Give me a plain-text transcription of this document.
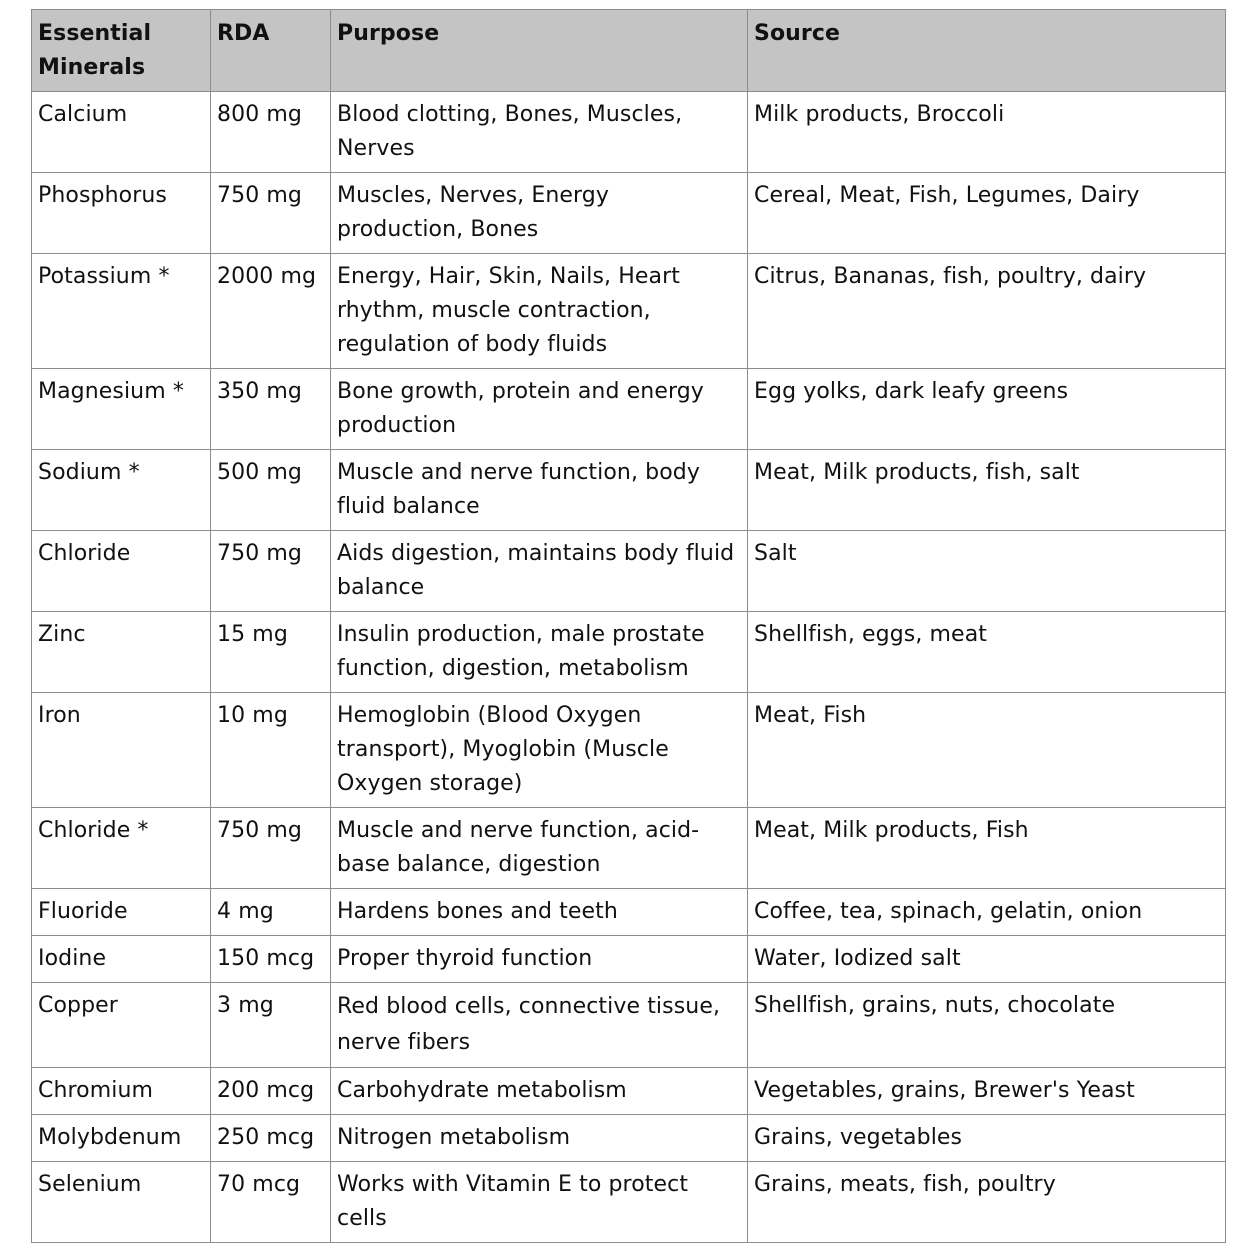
Essential Minerals	RDA	Purpose	Source
Calcium	800 mg	Blood clotting, Bones, Muscles, Nerves	Milk products, Broccoli
Phosphorus	750 mg	Muscles, Nerves, Energy production, Bones	Cereal, Meat, Fish, Legumes, Dairy
Potassium *	2000 mg	Energy, Hair, Skin, Nails, Heart rhythm, muscle contraction, regulation of body fluids	Citrus, Bananas, fish, poultry, dairy
Magnesium *	350 mg	Bone growth, protein and energy production	Egg yolks, dark leafy greens
Sodium *	500 mg	Muscle and nerve function, body fluid balance	Meat, Milk products, fish, salt
Chloride	750 mg	Aids digestion, maintains body fluid balance	Salt
Zinc	15 mg	Insulin production, male prostate function, digestion, metabolism	Shellfish, eggs, meat
Iron	10 mg	Hemoglobin (Blood Oxygen transport), Myoglobin (Muscle Oxygen storage)	Meat, Fish
Chloride *	750 mg	Muscle and nerve function, acid-base balance, digestion	Meat, Milk products, Fish
Fluoride	4 mg	Hardens bones and teeth	Coffee, tea, spinach, gelatin, onion
Iodine	150 mcg	Proper thyroid function	Water, Iodized salt
Copper	3 mg	Red blood cells, connective tissue, nerve fibers	Shellfish, grains, nuts, chocolate
Chromium	200 mcg	Carbohydrate metabolism	Vegetables, grains, Brewer's Yeast
Molybdenum	250 mcg	Nitrogen metabolism	Grains, vegetables
Selenium	70 mcg	Works with Vitamin E to protect cells	Grains, meats, fish, poultry
